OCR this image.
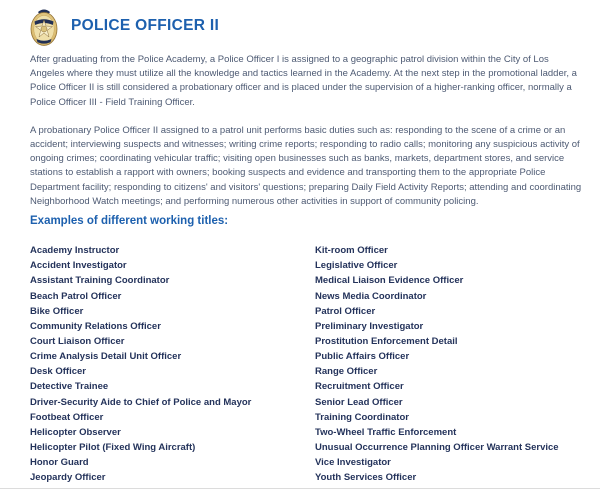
POLICE OFFICER II

After graduating from the Police Academy, a Police Officer I is assigned to a geographic patrol division within the City of Los Angeles where they must utilize all the knowledge and tactics learned in the Academy. At the next step in the promotional ladder, a Police Officer II is still considered a probationary officer and is placed under the supervision of a higher-ranking officer, normally a Police Officer III - Field Training Officer.

A probationary Police Officer II assigned to a patrol unit performs basic duties such as: responding to the scene of a crime or an accident; interviewing suspects and witnesses; writing crime reports; responding to radio calls; monitoring any suspicious activity of ongoing crimes; coordinating vehicular traffic; visiting open businesses such as banks, markets, department stores, and service stations to establish a rapport with owners; booking suspects and evidence and transporting them to the appropriate Police Department facility; responding to citizens' and visitors' questions; preparing Daily Field Activity Reports; attending and coordinating Neighborhood Watch meetings; and performing numerous other activities in support of community policing.

Examples of different working titles:
Academy Instructor
Accident Investigator
Assistant Training Coordinator
Beach Patrol Officer
Bike Officer
Community Relations Officer
Court Liaison Officer
Crime Analysis Detail Unit Officer
Desk Officer
Detective Trainee
Driver-Security Aide to Chief of Police and Mayor
Footbeat Officer
Helicopter Observer
Helicopter Pilot (Fixed Wing Aircraft)
Honor Guard
Jeopardy Officer
Kit-room Officer
Legislative Officer
Medical Liaison Evidence Officer
News Media Coordinator
Patrol Officer
Preliminary Investigator
Prostitution Enforcement Detail
Public Affairs Officer
Range Officer
Recruitment Officer
Senior Lead Officer
Training Coordinator
Two-Wheel Traffic Enforcement
Unusual Occurrence Planning Officer Warrant Service
Vice Investigator
Youth Services Officer
